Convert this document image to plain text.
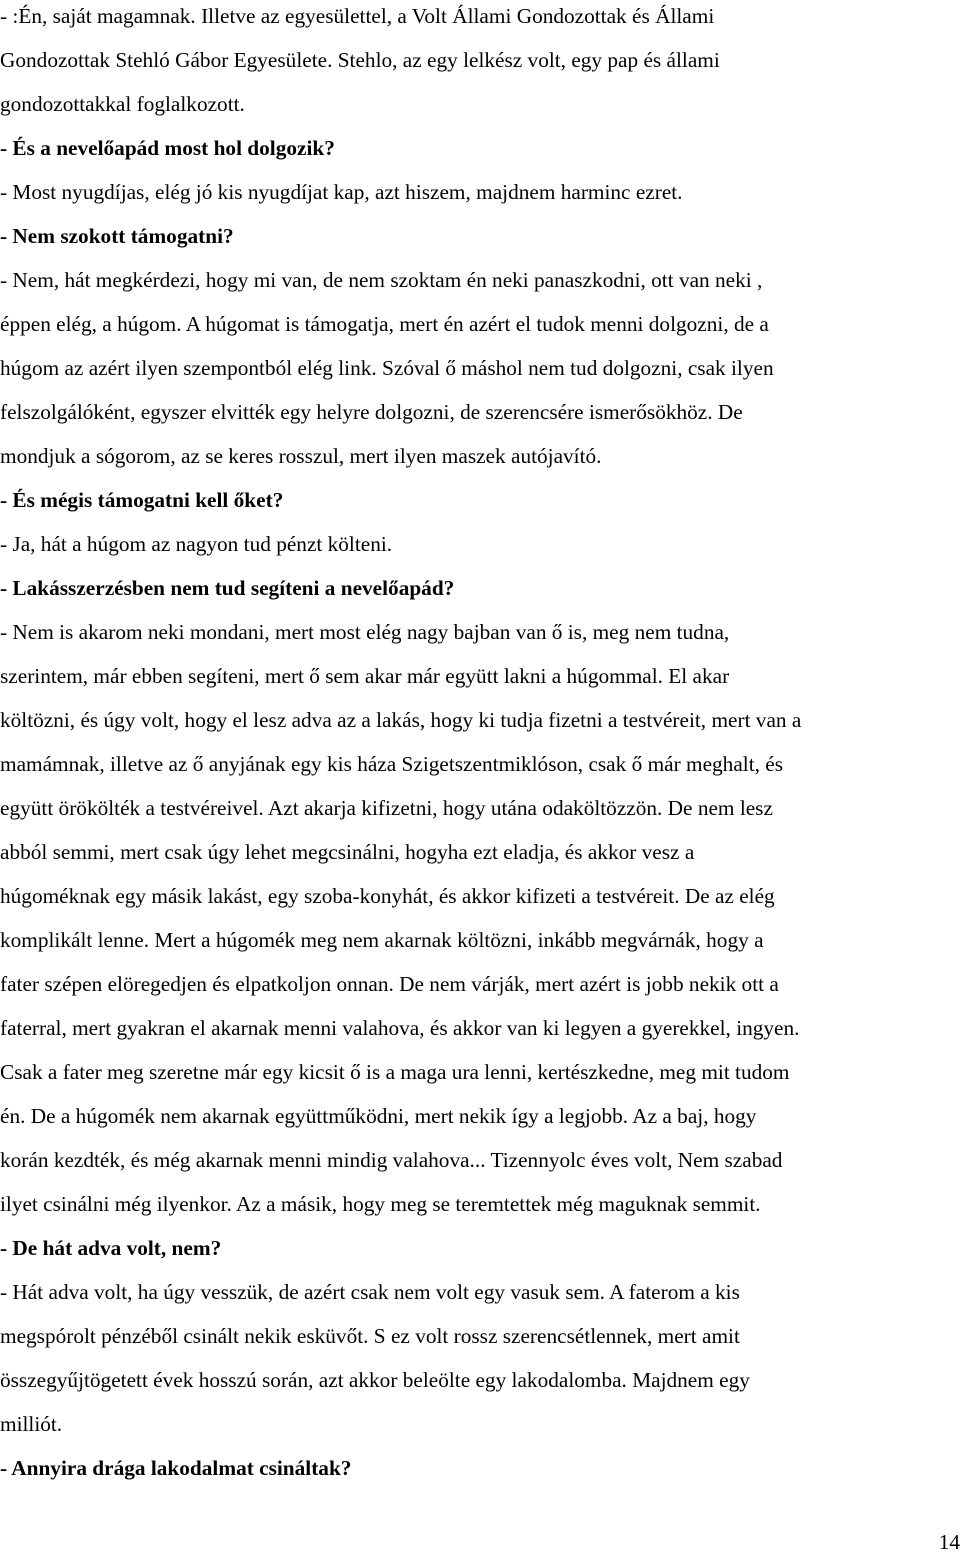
- :Én, saját magamnak. Illetve az egyesülettel, a Volt Állami Gondozottak és Állami
Gondozottak Stehló Gábor Egyesülete. Stehlo, az egy lelkész volt, egy pap és állami
gondozottakkal foglalkozott.

- És a nevelőapád most hol dolgozik?

- Most nyugdíjas, elég jó kis nyugdíjat kap, azt hiszem, majdnem harminc ezret.

- Nem szokott támogatni?

- Nem, hát megkérdezi, hogy mi van, de nem szoktam én neki panaszkodni, ott van neki ,
éppen elég, a húgom. A húgomat is támogatja, mert én azért el tudok menni dolgozni, de a
húgom az azért ilyen szempontból elég link. Szóval ő máshol nem tud dolgozni, csak ilyen
felszolgálóként, egyszer elvitték egy helyre dolgozni, de szerencsére ismerősökhöz. De
mondjuk a sógorom, az se keres rosszul, mert ilyen maszek autójavító.

- És mégis támogatni kell őket?

- Ja, hát a húgom az nagyon tud pénzt költeni.

- Lakásszerzésben nem tud segíteni a nevelőapád?

- Nem is akarom neki mondani, mert most elég nagy bajban van ő is, meg nem tudna,
szerintem, már ebben segíteni, mert ő sem akar már együtt lakni a húgommal. El akar
költözni, és úgy volt, hogy el lesz adva az a lakás, hogy ki tudja fizetni a testvéreit, mert van a
mamámnak, illetve az ő anyjának egy kis háza Szigetszentmiklóson, csak ő már meghalt, és
együtt örökölték a testvéreivel. Azt akarja kifizetni, hogy utána odaköltözzön. De nem lesz
abból semmi, mert csak úgy lehet megcsinálni, hogyha ezt eladja, és akkor vesz a
húgoméknak egy másik lakást, egy szoba-konyhát, és akkor kifizeti a testvéreit. De az elég
komplikált lenne. Mert a húgomék meg nem akarnak költözni, inkább megvárnák, hogy a
fater szépen elöregedjen és elpatkoljon onnan. De nem várják, mert azért is jobb nekik ott a
faterral, mert gyakran el akarnak menni valahova, és akkor van ki legyen a gyerekkel, ingyen.
Csak a fater meg szeretne már egy kicsit ő is a maga ura lenni, kertészkedne, meg mit tudom
én. De a húgomék nem akarnak együttműködni, mert nekik így a legjobb. Az a baj, hogy
korán kezdték, és még akarnak menni mindig valahova... Tizennyolc éves volt, Nem szabad
ilyet csinálni még ilyenkor. Az a másik, hogy meg se teremtettek még maguknak semmit.

- De hát adva volt, nem?

- Hát adva volt, ha úgy vesszük, de azért csak nem volt egy vasuk sem. A faterom a kis
megspórolt pénzéből csinált nekik esküvőt. S ez volt rossz szerencsétlennek, mert amit
összegyűjtögetett évek hosszú során, azt akkor beleölte egy lakodalomba. Majdnem egy
milliót.

- Annyira drága lakodalmat csináltak?

14
